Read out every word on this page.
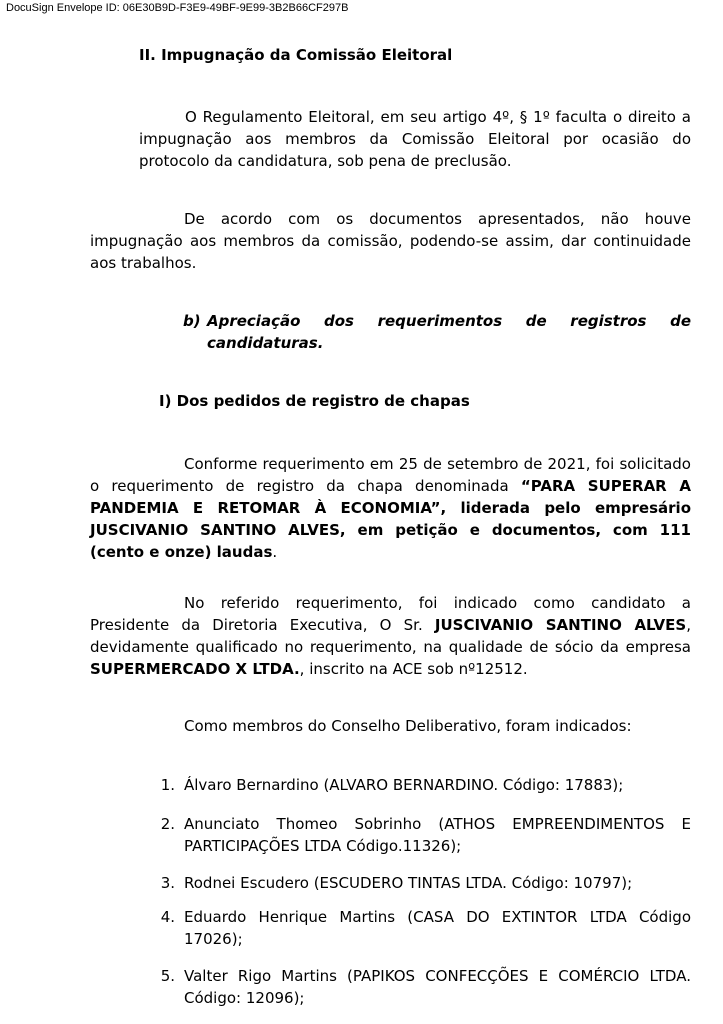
DocuSign Envelope ID: 06E30B9D-F3E9-49BF-9E99-3B2B66CF297B
II. Impugnação da Comissão Eleitoral

O Regulamento Eleitoral, em seu artigo 4º, § 1º faculta o direito a impugnação aos membros da Comissão Eleitoral por ocasião do protocolo da candidatura, sob pena de preclusão.

De acordo com os documentos apresentados, não houve impugnação aos membros da comissão, podendo-se assim, dar continuidade aos trabalhos.

b) Apreciação dos requerimentos de registros de candidaturas.

I) Dos pedidos de registro de chapas

Conforme requerimento em 25 de setembro de 2021, foi solicitado o requerimento de registro da chapa denominada “PARA SUPERAR A PANDEMIA E RETOMAR À ECONOMIA”, liderada pelo empresário JUSCIVANIO SANTINO ALVES, em petição e documentos, com 111 (cento e onze) laudas.

No referido requerimento, foi indicado como candidato a Presidente da Diretoria Executiva, O Sr. JUSCIVANIO SANTINO ALVES, devidamente qualificado no requerimento, na qualidade de sócio da empresa SUPERMERCADO X LTDA., inscrito na ACE sob nº12512.

Como membros do Conselho Deliberativo, foram indicados:

1. Álvaro Bernardino (ALVARO BERNARDINO. Código: 17883);
2. Anunciato Thomeo Sobrinho (ATHOS EMPREENDIMENTOS E PARTICIPAÇÕES LTDA Código.11326);
3. Rodnei Escudero (ESCUDERO TINTAS LTDA. Código: 10797);
4. Eduardo Henrique Martins (CASA DO EXTINTOR LTDA Código 17026);
5. Valter Rigo Martins (PAPIKOS CONFECÇÕES E COMÉRCIO LTDA. Código: 12096);
